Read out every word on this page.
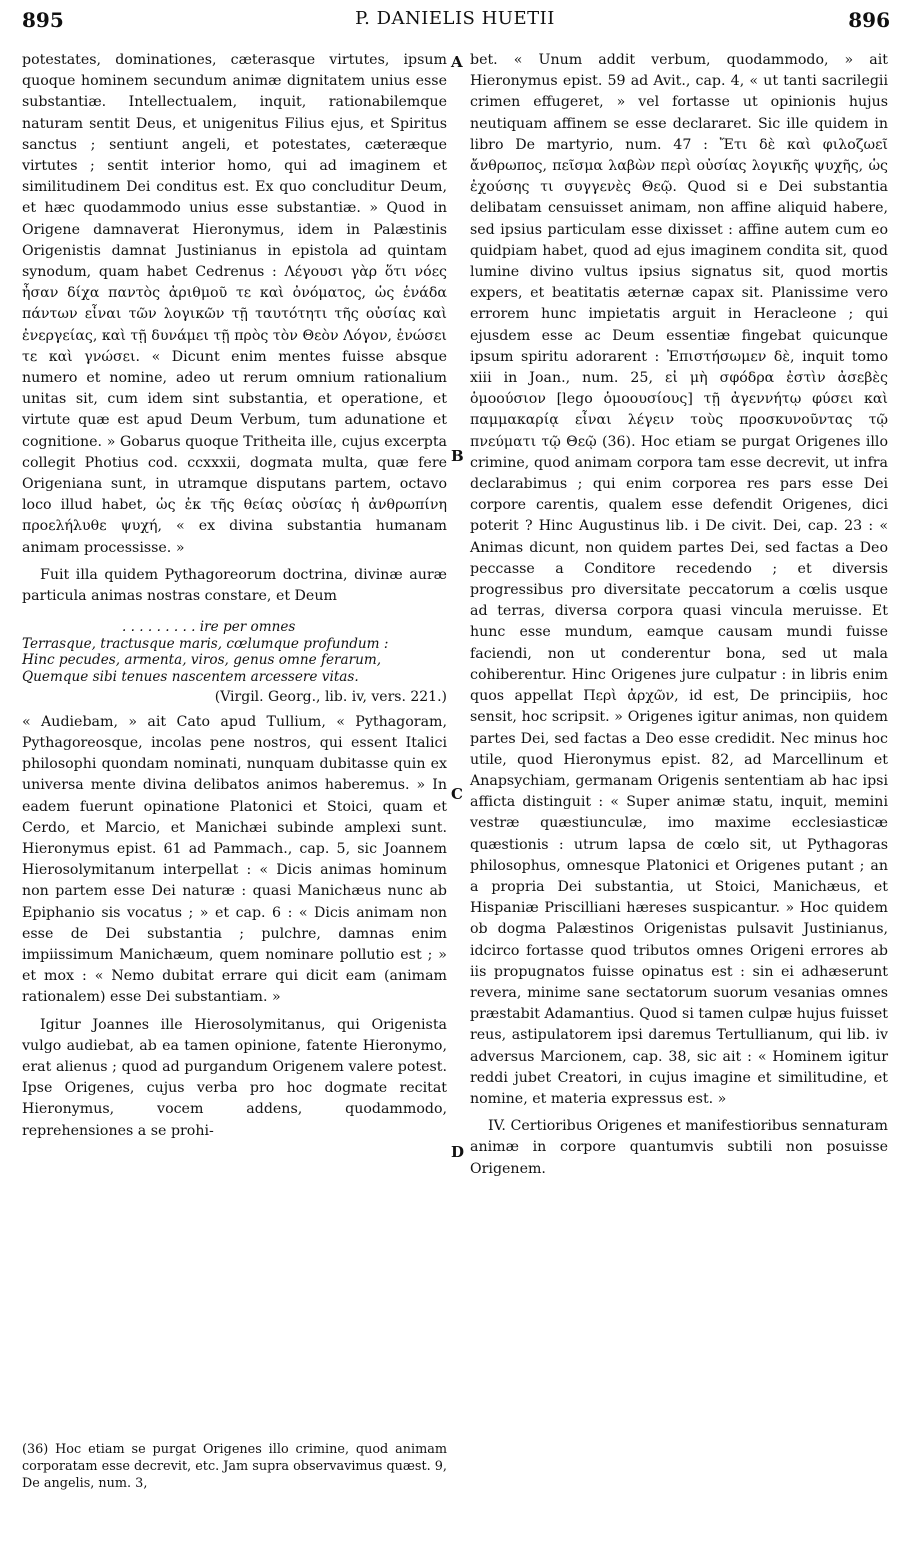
895	P. DANIELIS HUETII	896
A
B
C
D

potestates, dominationes, cæterasque virtutes, ipsum quoque hominem secundum animæ dignitatem unius esse substantiæ. Intellectualem, inquit, rationabilemque naturam sentit Deus, et unigenitus Filius ejus, et Spiritus sanctus ; sentiunt angeli, et potestates, cæteræque virtutes ; sentit interior homo, qui ad imaginem et similitudinem Dei conditus est. Ex quo concluditur Deum, et hæc quodammodo unius esse substantiæ. » Quod in Origene damnaverat Hieronymus, idem in Palæstinis Origenistis damnat Justinianus in epistola ad quintam synodum, quam habet Cedrenus : Λέγουσι γὰρ ὅτι νόες ἦσαν δίχα παντὸς ἀριθμοῦ τε καὶ ὀνόματος, ὡς ἑνάδα πάντων εἶναι τῶν λογικῶν τῇ ταυτότητι τῆς οὐσίας καὶ ἐνεργείας, καὶ τῇ δυνάμει τῇ πρὸς τὸν Θεὸν Λόγον, ἑνώσει τε καὶ γνώσει. « Dicunt enim mentes fuisse absque numero et nomine, adeo ut rerum omnium rationalium unitas sit, cum idem sint substantia, et operatione, et virtute quæ est apud Deum Verbum, tum adunatione et cognitione. » Gobarus quoque Tritheita ille, cujus excerpta collegit Photius cod. ccxxxii, dogmata multa, quæ fere Origeniana sunt, in utramque disputans partem, octavo loco illud habet, ὡς ἐκ τῆς θείας οὐσίας ἡ ἀνθρωπίνη προελήλυθε ψυχή, « ex divina substantia humanam animam processisse. »

Fuit illa quidem Pythagoreorum doctrina, divinæ auræ particula animas nostras constare, et Deum

. . . . . . . . . ire per omnes
Terrasque, tractusque maris, cœlumque profundum :
Hinc pecudes, armenta, viros, genus omne ferarum,
Quemque sibi tenues nascentem arcessere vitas.
(Virgil. Georg., lib. iv, vers. 221.)

« Audiebam, » ait Cato apud Tullium, « Pythagoram, Pythagoreosque, incolas pene nostros, qui essent Italici philosophi quondam nominati, nunquam dubitasse quin ex universa mente divina delibatos animos haberemus. » In eadem fuerunt opinatione Platonici et Stoici, quam et Cerdo, et Marcio, et Manichæi subinde amplexi sunt. Hieronymus epist. 61 ad Pammach., cap. 5, sic Joannem Hierosolymitanum interpellat : « Dicis animas hominum non partem esse Dei naturæ : quasi Manichæus nunc ab Epiphanio sis vocatus ; » et cap. 6 : « Dicis animam non esse de Dei substantia ; pulchre, damnas enim impiissimum Manichæum, quem nominare pollutio est ; » et mox : « Nemo dubitat errare qui dicit eam (animam rationalem) esse Dei substantiam. »

Igitur Joannes ille Hierosolymitanus, qui Origenista vulgo audiebat, ab ea tamen opinione, fatente Hieronymo, erat alienus ; quod ad purgandum Origenem valere potest. Ipse Origenes, cujus verba pro hoc dogmate recitat Hieronymus, vocem addens, quodammodo, reprehensiones a se prohi-

(36) Hoc etiam se purgat Origenes illo crimine, quod animam corporatam esse decrevit, etc. Jam supra observavimus quæst. 9, De angelis, num. 3,

bet. « Unum addit verbum, quodammodo, » ait Hieronymus epist. 59 ad Avit., cap. 4, « ut tanti sacrilegii crimen effugeret, » vel fortasse ut opinionis hujus neutiquam affinem se esse declararet. Sic ille quidem in libro De martyrio, num. 47 : Ἔτι δὲ καὶ φιλοζωεῖ ἄνθρωπος, πεῖσμα λαβὼν περὶ οὐσίας λογικῆς ψυχῆς, ὡς ἐχούσης τι συγγενὲς Θεῷ. Quod si e Dei substantia delibatam censuisset animam, non affine aliquid habere, sed ipsius particulam esse dixisset : affine autem cum eo quidpiam habet, quod ad ejus imaginem condita sit, quod lumine divino vultus ipsius signatus sit, quod mortis expers, et beatitatis æternæ capax sit. Planissime vero errorem hunc impietatis arguit in Heracleone ; qui ejusdem esse ac Deum essentiæ fingebat quicunque ipsum spiritu adorarent : Ἐπιστήσωμεν δὲ, inquit tomo xiii in Joan., num. 25, εἰ μὴ σφόδρα ἐστὶν ἀσεβὲς ὁμοούσιον [lego ὁμοουσίους] τῇ ἀγεννήτῳ φύσει καὶ παμμακαρίᾳ εἶναι λέγειν τοὺς προσκυνοῦντας τῷ πνεύματι τῷ Θεῷ (36). Hoc etiam se purgat Origenes illo crimine, quod animam corpora tam esse decrevit, ut infra declarabimus ; qui enim corporea res pars esse Dei corpore carentis, qualem esse defendit Origenes, dici poterit ? Hinc Augustinus lib. i De civit. Dei, cap. 23 : « Animas dicunt, non quidem partes Dei, sed factas a Deo peccasse a Conditore recedendo ; et diversis progressibus pro diversitate peccatorum a cœlis usque ad terras, diversa corpora quasi vincula meruisse. Et hunc esse mundum, eamque causam mundi fuisse faciendi, non ut conderentur bona, sed ut mala cohiberentur. Hinc Origenes jure culpatur : in libris enim quos appellat Περὶ ἀρχῶν, id est, De principiis, hoc sensit, hoc scripsit. » Origenes igitur animas, non quidem partes Dei, sed factas a Deo esse credidit. Nec minus hoc utile, quod Hieronymus epist. 82, ad Marcellinum et Anapsychiam, germanam Origenis sententiam ab hac ipsi afficta distinguit : « Super animæ statu, inquit, memini vestræ quæstiunculæ, imo maxime ecclesiasticæ quæstionis : utrum lapsa de cœlo sit, ut Pythagoras philosophus, omnesque Platonici et Origenes putant ; an a propria Dei substantia, ut Stoici, Manichæus, et Hispaniæ Priscilliani hæreses suspicantur. » Hoc quidem ob dogma Palæstinos Origenistas pulsavit Justinianus, idcirco fortasse quod tributos omnes Origeni errores ab iis propugnatos fuisse opinatus est : sin ei adhæserunt revera, minime sane sectatorum suorum vesanias omnes præstabit Adamantius. Quod si tamen culpæ hujus fuisset reus, astipulatorem ipsi daremus Tertullianum, qui lib. iv adversus Marcionem, cap. 38, sic ait : « Hominem igitur reddi jubet Creatori, in cujus imagine et similitudine, et nomine, et materia expressus est. »

IV. Certioribus Origenes et manifestioribus sennaturam animæ in corpore quantumvis subtili non posuisse Origenem.
